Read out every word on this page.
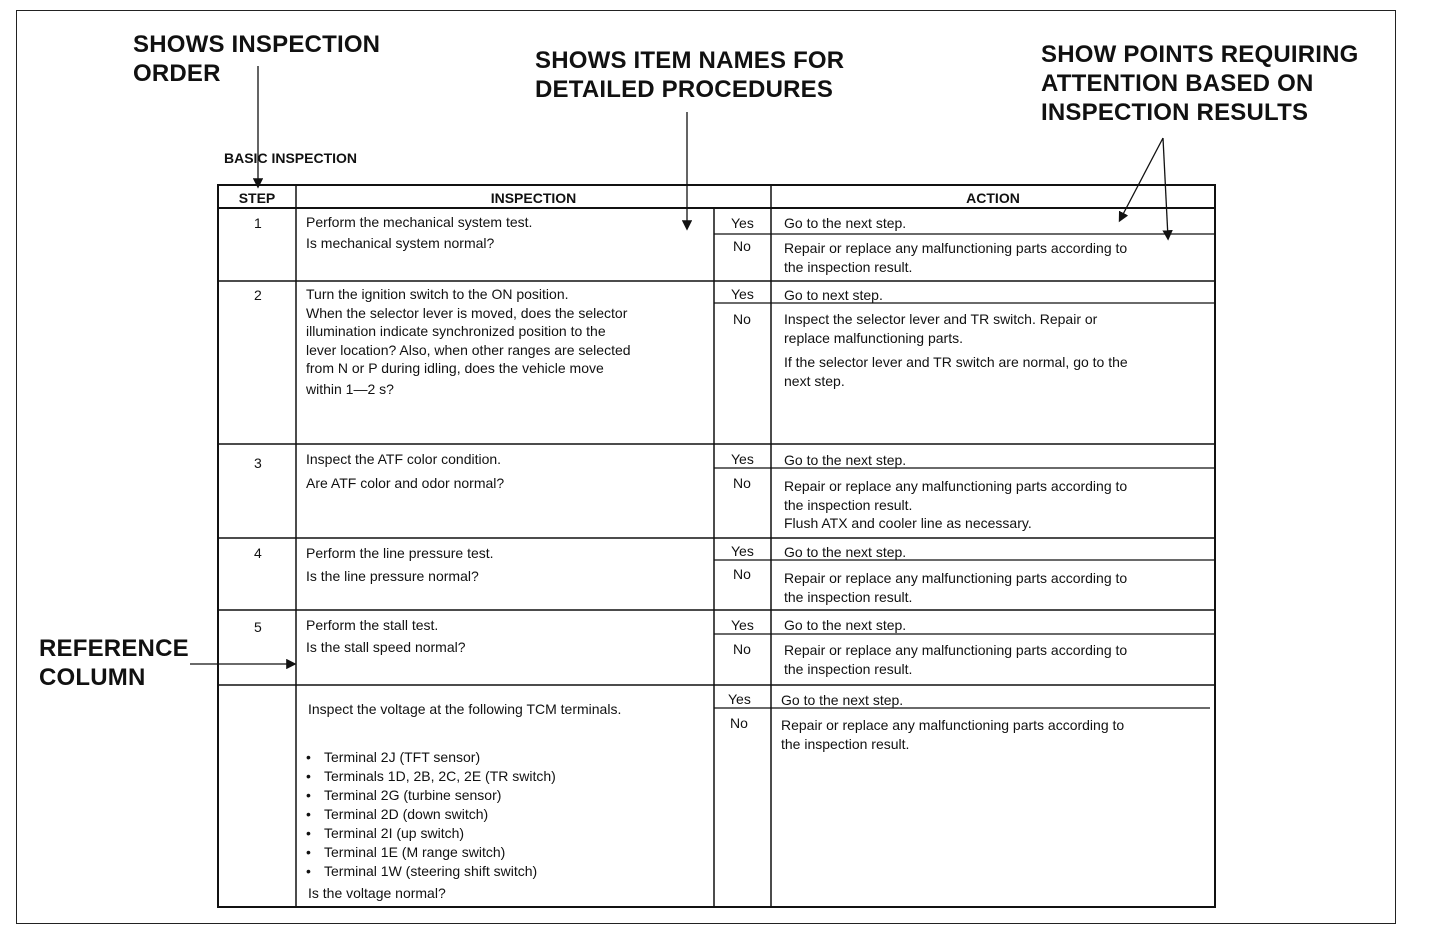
SHOWS INSPECTION
ORDER	SHOWS ITEM NAMES FOR
DETAILED PROCEDURES
SHOW POINTS REQUIRING
ATTENTION BASED ON
INSPECTION RESULTS
REFERENCE
COLUMN
BASIC INSPECTION
STEP	INSPECTION	ACTION
1	Perform the mechanical system test.
Is mechanical system normal?
Yes Go to the next step.
No Repair or replace any malfunctioning parts according to
the inspection result.
2	Turn the ignition switch to the ON position.
When the selector lever is moved, does the selector
illumination indicate synchronized position to the
lever location? Also, when other ranges are selected
from N or P during idling, does the vehicle move
within 1—2 s?
Yes Go to next step.
No Inspect the selector lever and TR switch. Repair or
replace malfunctioning parts.
If the selector lever and TR switch are normal, go to the
next step.
3	Inspect the ATF color condition.
Are ATF color and odor normal?
Yes Go to the next step.
No Repair or replace any malfunctioning parts according to
the inspection result.
Flush ATX and cooler line as necessary.
4	Perform the line pressure test.
Is the line pressure normal?
Yes Go to the next step.
No Repair or replace any malfunctioning parts according to
the inspection result.
5	Perform the stall test.
Is the stall speed normal?
Yes Go to the next step.
No Repair or replace any malfunctioning parts according to
the inspection result.
Inspect the voltage at the following TCM terminals.
• Terminal 2J (TFT sensor)
• Terminals 1D, 2B, 2C, 2E (TR switch)
• Terminal 2G (turbine sensor)
• Terminal 2D (down switch)
• Terminal 2I (up switch)
• Terminal 1E (M range switch)
• Terminal 1W (steering shift switch)
Is the voltage normal?
Yes Go to the next step.
No Repair or replace any malfunctioning parts according to
the inspection result.
